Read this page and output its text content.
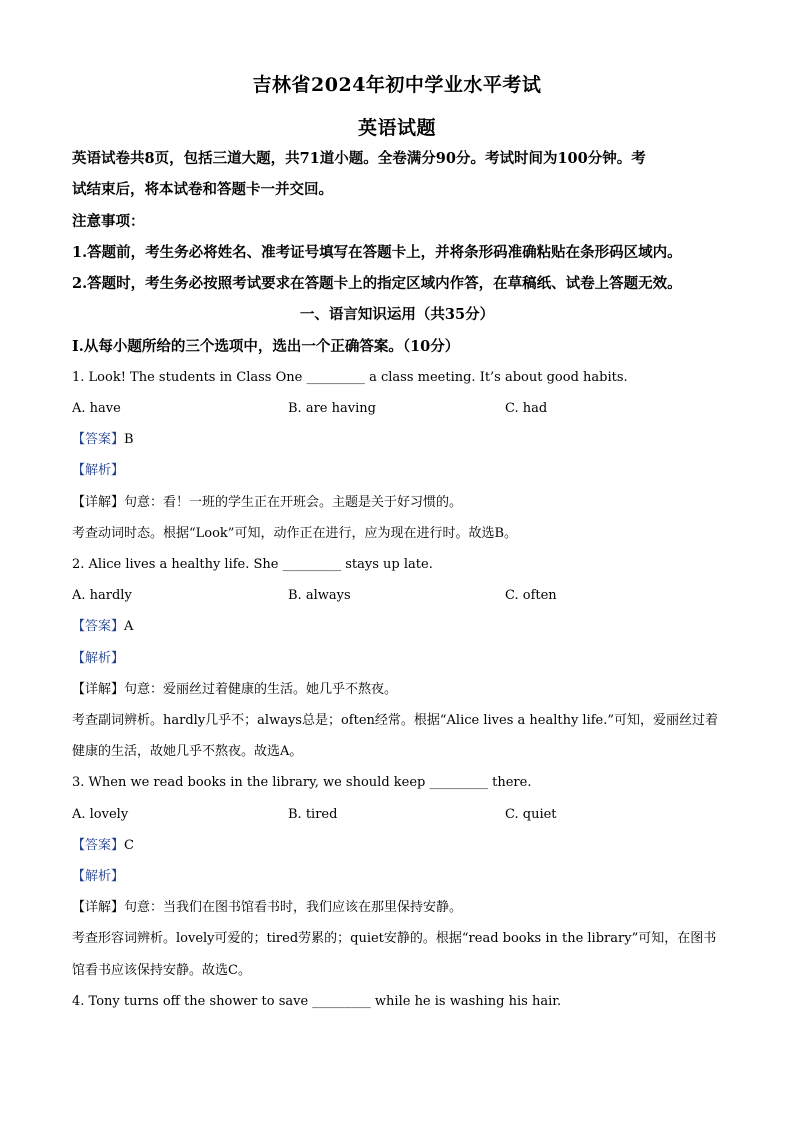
吉林省2024年初中学业水平考试
英语试题
英语试卷共8页，包括三道大题，共71道小题。全卷满分90分。考试时间为100分钟。考
试结束后，将本试卷和答题卡一并交回。
注意事项：
1.答题前，考生务必将姓名、准考证号填写在答题卡上，并将条形码准确粘贴在条形码区域内。
2.答题时，考生务必按照考试要求在答题卡上的指定区域内作答，在草稿纸、试卷上答题无效。
一、语言知识运用（共35分）
Ⅰ.从每小题所给的三个选项中，选出一个正确答案。（10分）
1. Look! The students in Class One _________ a class meeting. It’s about good habits.
A. have	B. are having	C. had
【答案】B
【解析】
【详解】句意：看！一班的学生正在开班会。主题是关于好习惯的。
考查动词时态。根据“Look”可知，动作正在进行，应为现在进行时。故选B。
2. Alice lives a healthy life. She _________ stays up late.
A. hardly	B. always	C. often
【答案】A
【解析】
【详解】句意：爱丽丝过着健康的生活。她几乎不熬夜。
考查副词辨析。hardly几乎不；always总是；often经常。根据“Alice lives a healthy life.”可知，爱丽丝过着
健康的生活，故她几乎不熬夜。故选A。
3. When we read books in the library, we should keep _________ there.
A. lovely	B. tired	C. quiet
【答案】C
【解析】
【详解】句意：当我们在图书馆看书时，我们应该在那里保持安静。
考查形容词辨析。lovely可爱的；tired劳累的；quiet安静的。根据“read books in the library”可知，在图书
馆看书应该保持安静。故选C。
4. Tony turns off the shower to save _________ while he is washing his hair.
